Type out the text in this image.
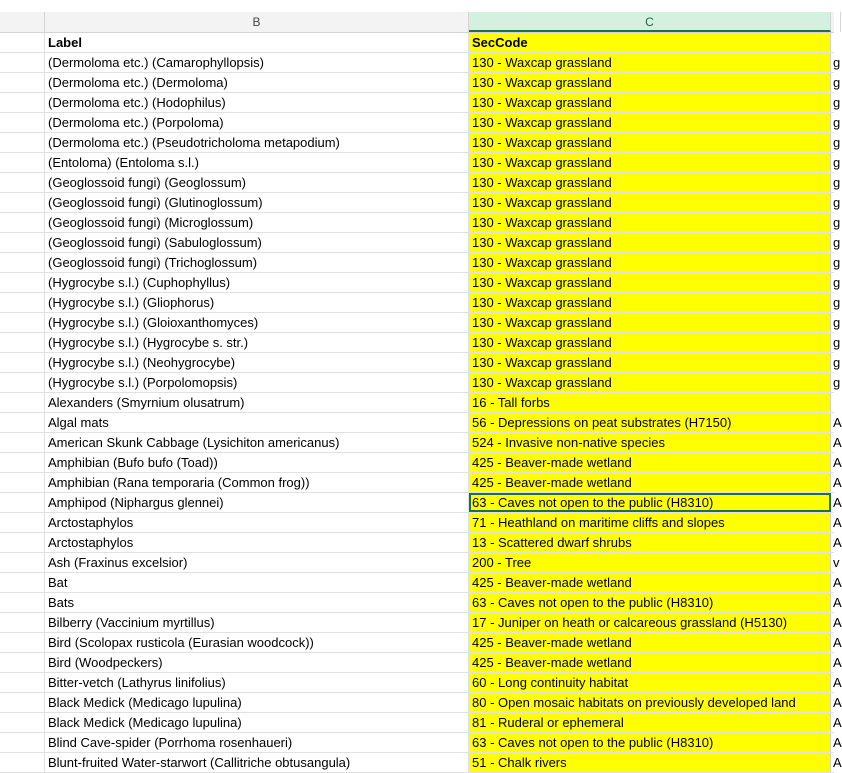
B	C
Label	SecCode
(Dermoloma etc.) (Camarophyllopsis)	130 - Waxcap grassland	g
(Dermoloma etc.) (Dermoloma)	130 - Waxcap grassland	g
(Dermoloma etc.) (Hodophilus)	130 - Waxcap grassland	g
(Dermoloma etc.) (Porpoloma)	130 - Waxcap grassland	g
(Dermoloma etc.) (Pseudotricholoma metapodium)	130 - Waxcap grassland	g
(Entoloma) (Entoloma s.l.)	130 - Waxcap grassland	g
(Geoglossoid fungi) (Geoglossum)	130 - Waxcap grassland	g
(Geoglossoid fungi) (Glutinoglossum)	130 - Waxcap grassland	g
(Geoglossoid fungi) (Microglossum)	130 - Waxcap grassland	g
(Geoglossoid fungi) (Sabuloglossum)	130 - Waxcap grassland	g
(Geoglossoid fungi) (Trichoglossum)	130 - Waxcap grassland	g
(Hygrocybe s.l.) (Cuphophyllus)	130 - Waxcap grassland	g
(Hygrocybe s.l.) (Gliophorus)	130 - Waxcap grassland	g
(Hygrocybe s.l.) (Gloioxanthomyces)	130 - Waxcap grassland	g
(Hygrocybe s.l.) (Hygrocybe s. str.)	130 - Waxcap grassland	g
(Hygrocybe s.l.) (Neohygrocybe)	130 - Waxcap grassland	g
(Hygrocybe s.l.) (Porpolomopsis)	130 - Waxcap grassland	g
Alexanders (Smyrnium olusatrum)	16 - Tall forbs
Algal mats	56 - Depressions on peat substrates (H7150)	A
American Skunk Cabbage (Lysichiton americanus)	524 - Invasive non-native species	A
Amphibian (Bufo bufo (Toad))	425 - Beaver-made wetland	A
Amphibian (Rana temporaria (Common frog))	425 - Beaver-made wetland	A
Amphipod (Niphargus glennei)	63 - Caves not open to the public (H8310)	A
Arctostaphylos	71 - Heathland on maritime cliffs and slopes	A
Arctostaphylos	13 - Scattered dwarf shrubs	A
Ash (Fraxinus excelsior)	200 - Tree	v
Bat	425 - Beaver-made wetland	A
Bats	63 - Caves not open to the public (H8310)	A
Bilberry (Vaccinium myrtillus)	17 - Juniper on heath or calcareous grassland (H5130)	A
Bird (Scolopax rusticola (Eurasian woodcock))	425 - Beaver-made wetland	A
Bird (Woodpeckers)	425 - Beaver-made wetland	A
Bitter-vetch (Lathyrus linifolius)	60 - Long continuity habitat	A
Black Medick (Medicago lupulina)	80 - Open mosaic habitats on previously developed land	A
Black Medick (Medicago lupulina)	81 - Ruderal or ephemeral	A
Blind Cave-spider (Porrhoma rosenhaueri)	63 - Caves not open to the public (H8310)	A
Blunt-fruited Water-starwort (Callitriche obtusangula)	51 - Chalk rivers	A
